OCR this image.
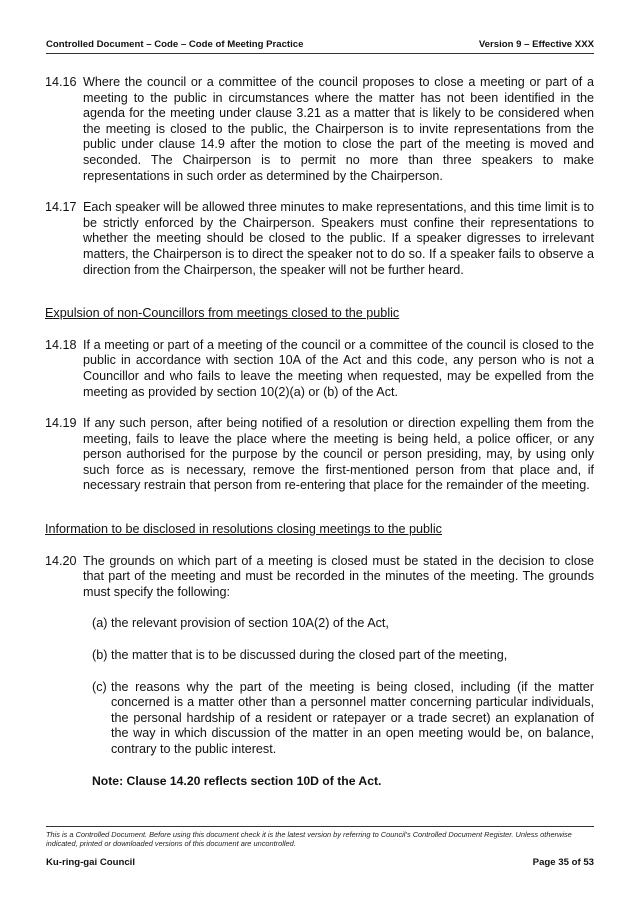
Controlled Document – Code – Code of Meeting Practice	Version 9 – Effective XXX
14.16 Where the council or a committee of the council proposes to close a meeting or part of a meeting to the public in circumstances where the matter has not been identified in the agenda for the meeting under clause 3.21 as a matter that is likely to be considered when the meeting is closed to the public, the Chairperson is to invite representations from the public under clause 14.9 after the motion to close the part of the meeting is moved and seconded. The Chairperson is to permit no more than three speakers to make representations in such order as determined by the Chairperson.
14.17 Each speaker will be allowed three minutes to make representations, and this time limit is to be strictly enforced by the Chairperson. Speakers must confine their representations to whether the meeting should be closed to the public. If a speaker digresses to irrelevant matters, the Chairperson is to direct the speaker not to do so. If a speaker fails to observe a direction from the Chairperson, the speaker will not be further heard.
Expulsion of non-Councillors from meetings closed to the public
14.18 If a meeting or part of a meeting of the council or a committee of the council is closed to the public in accordance with section 10A of the Act and this code, any person who is not a Councillor and who fails to leave the meeting when requested, may be expelled from the meeting as provided by section 10(2)(a) or (b) of the Act.
14.19 If any such person, after being notified of a resolution or direction expelling them from the meeting, fails to leave the place where the meeting is being held, a police officer, or any person authorised for the purpose by the council or person presiding, may, by using only such force as is necessary, remove the first-mentioned person from that place and, if necessary restrain that person from re-entering that place for the remainder of the meeting.
Information to be disclosed in resolutions closing meetings to the public
14.20 The grounds on which part of a meeting is closed must be stated in the decision to close that part of the meeting and must be recorded in the minutes of the meeting. The grounds must specify the following:
(a) the relevant provision of section 10A(2) of the Act,
(b) the matter that is to be discussed during the closed part of the meeting,
(c) the reasons why the part of the meeting is being closed, including (if the matter concerned is a matter other than a personnel matter concerning particular individuals, the personal hardship of a resident or ratepayer or a trade secret) an explanation of the way in which discussion of the matter in an open meeting would be, on balance, contrary to the public interest.
Note: Clause 14.20 reflects section 10D of the Act.
This is a Controlled Document. Before using this document check it is the latest version by referring to Council’s Controlled Document Register. Unless otherwise indicated, printed or downloaded versions of this document are uncontrolled.
Ku-ring-gai Council	Page 35 of 53
